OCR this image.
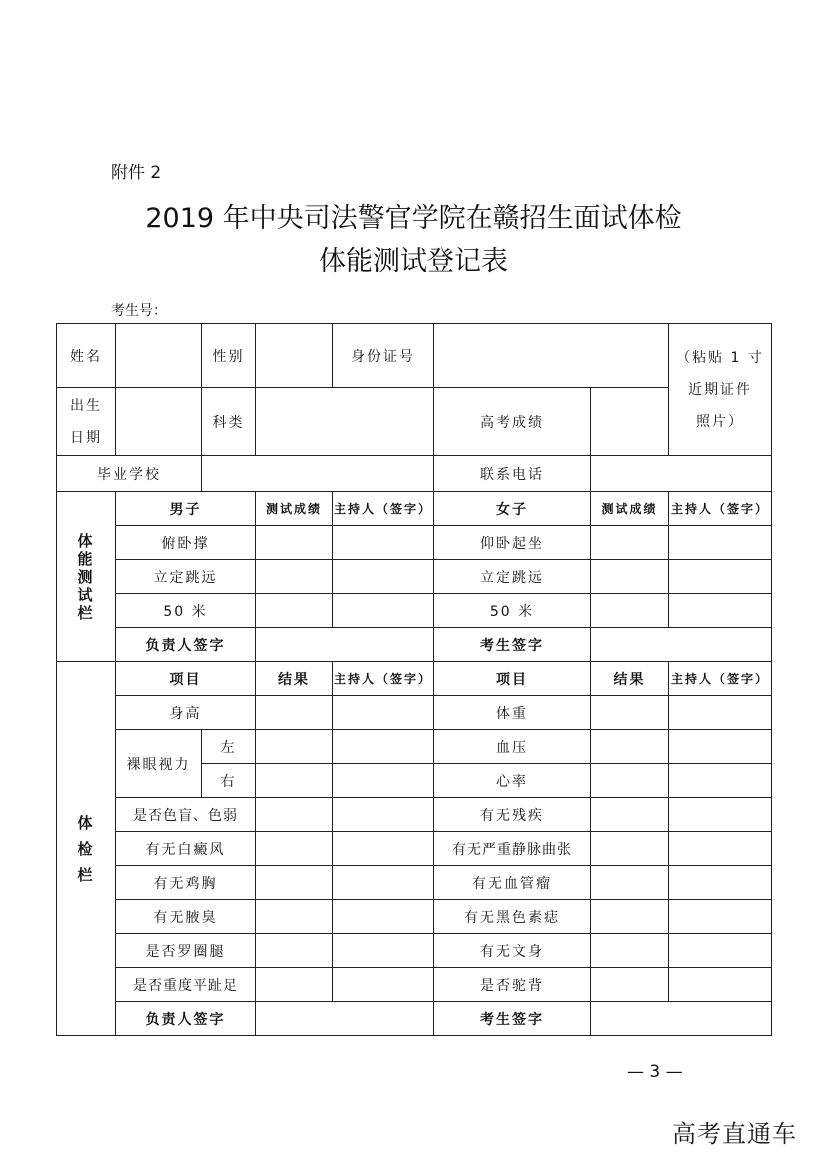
附件 2
2019 年中央司法警官学院在赣招生面试体检
体能测试登记表
考生号：
姓名		性别		身份证号			（粘贴 1 寸
近期证件
照片）

出生
日期		科类			高考成绩		
毕业学校					联系电话		

体
能
测
试
栏	男子		测试成绩	主持人（签字）	女子	测试成绩	主持人（签字）
	俯卧撑				仰卧起坐		
	立定跳远				立定跳远		
	50 米				50 米		
	负责人签字				考生签字		

体
检
栏	项目		结果	主持人（签字）	项目	结果	主持人（签字）
	身高				体重		
	裸眼视力	左			血压		
		右			心率		
	是否色盲、色弱				有无残疾		
	有无白癜风				有无严重静脉曲张		
	有无鸡胸				有无血管瘤		
	有无腋臭				有无黑色素痣		
	是否罗圈腿				有无文身		
	是否重度平趾足				是否驼背		
	负责人签字				考生签字		
— 3 —
高考直通车
